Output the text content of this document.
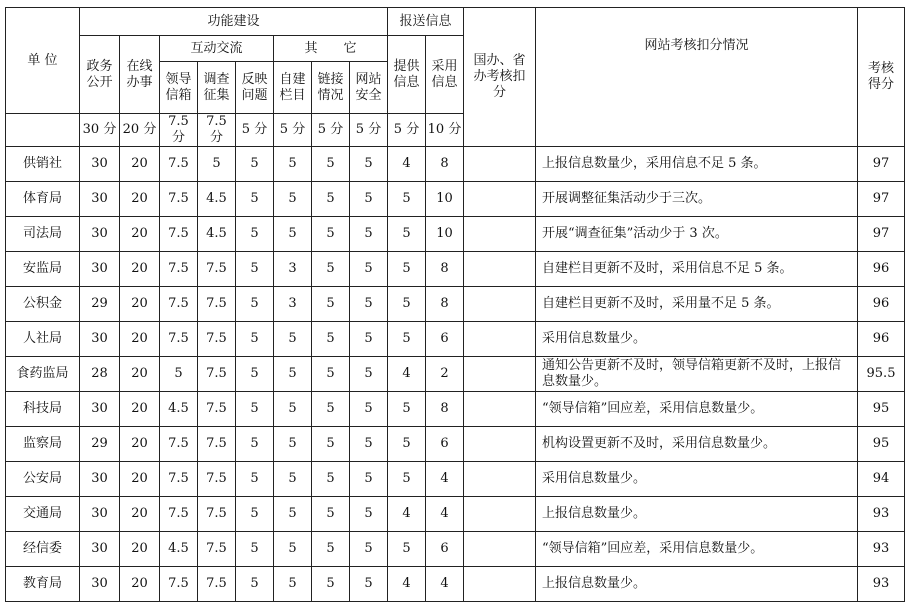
单 位	功能建设								报送信息		国办、省办考核扣分	网站考核扣分情况	考核得分
	政务公开	在线办事	互动交流			其　　它			提供信息	采用信息			
			领导信箱	调查征集	反映问题	自建栏目	链接情况	网站安全					
	30 分	20 分	7.5 分	7.5 分	5 分	5 分	5 分	5 分	5 分	10 分			
供销社	30	20	7.5	5	5	5	5	5	4	8		上报信息数量少，采用信息不足 5 条。	97
体育局	30	20	7.5	4.5	5	5	5	5	5	10		开展调整征集活动少于三次。	97
司法局	30	20	7.5	4.5	5	5	5	5	5	10		开展“调查征集”活动少于 3 次。	97
安监局	30	20	7.5	7.5	5	3	5	5	5	8		自建栏目更新不及时，采用信息不足 5 条。	96
公积金	29	20	7.5	7.5	5	3	5	5	5	8		自建栏目更新不及时，采用量不足 5 条。	96
人社局	30	20	7.5	7.5	5	5	5	5	5	6		采用信息数量少。	96
食药监局	28	20	5	7.5	5	5	5	5	4	2		通知公告更新不及时，领导信箱更新不及时，上报信息数量少。	95.5
科技局	30	20	4.5	7.5	5	5	5	5	5	8		“领导信箱”回应差，采用信息数量少。	95
监察局	29	20	7.5	7.5	5	5	5	5	5	6		机构设置更新不及时，采用信息数量少。	95
公安局	30	20	7.5	7.5	5	5	5	5	5	4		采用信息数量少。	94
交通局	30	20	7.5	7.5	5	5	5	5	4	4		上报信息数量少。	93
经信委	30	20	4.5	7.5	5	5	5	5	5	6		“领导信箱”回应差，采用信息数量少。	93
教育局	30	20	7.5	7.5	5	5	5	5	4	4		上报信息数量少。	93
